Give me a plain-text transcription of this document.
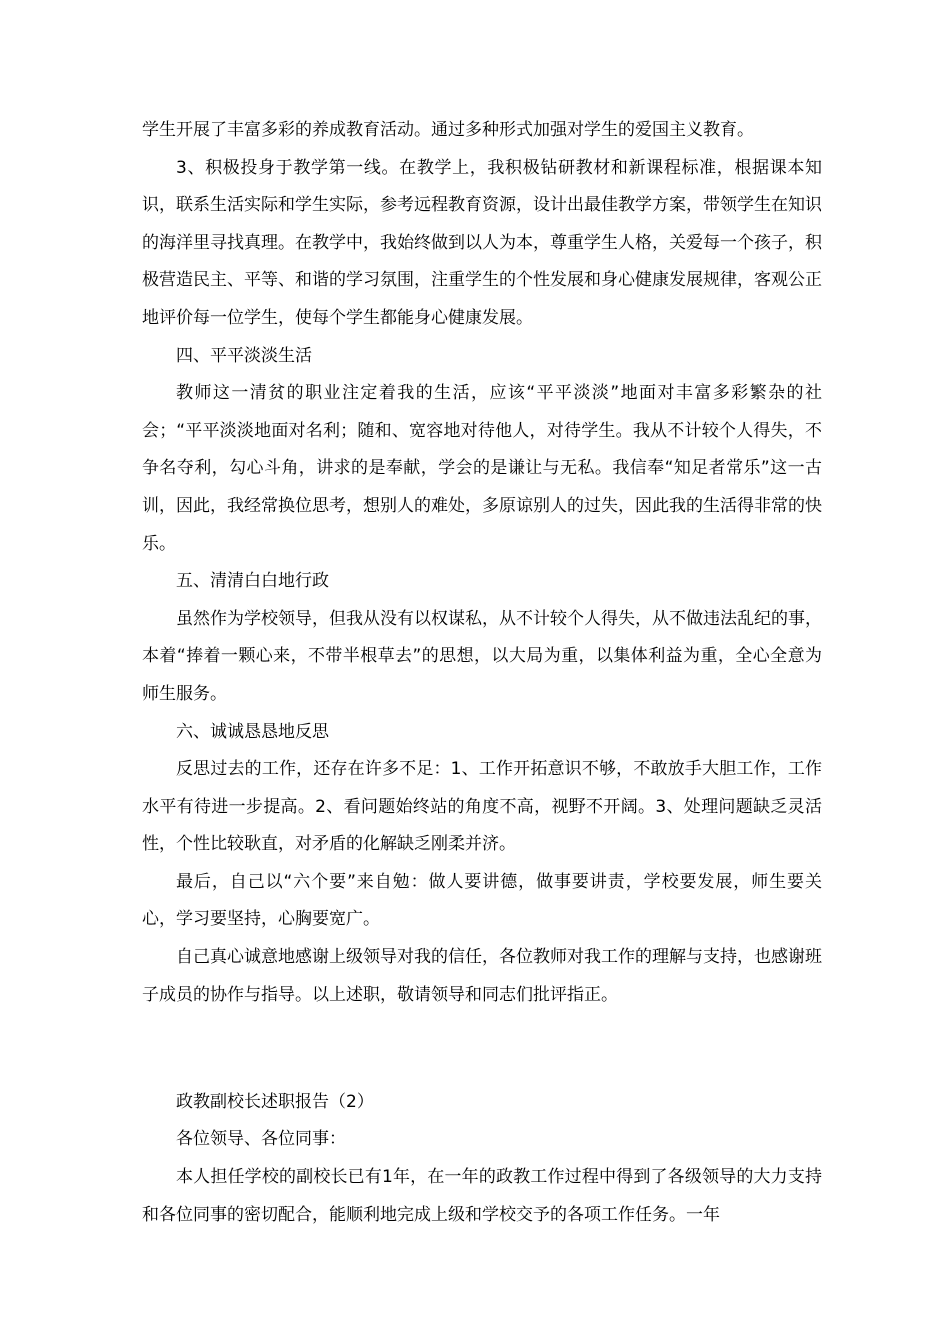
学生开展了丰富多彩的养成教育活动。通过多种形式加强对学生的爱国主义教育。

3、积极投身于教学第一线。在教学上，我积极钻研教材和新课程标准，根据课本知识，联系生活实际和学生实际，参考远程教育资源，设计出最佳教学方案，带领学生在知识的海洋里寻找真理。在教学中，我始终做到以人为本，尊重学生人格，关爱每一个孩子，积极营造民主、平等、和谐的学习氛围，注重学生的个性发展和身心健康发展规律，客观公正地评价每一位学生，使每个学生都能身心健康发展。

四、平平淡淡生活

教师这一清贫的职业注定着我的生活，应该“平平淡淡”地面对丰富多彩繁杂的社会；“平平淡淡地面对名利；随和、宽容地对待他人，对待学生。我从不计较个人得失，不争名夺利，勾心斗角，讲求的是奉献，学会的是谦让与无私。我信奉“知足者常乐”这一古训，因此，我经常换位思考，想别人的难处，多原谅别人的过失，因此我的生活得非常的快乐。

五、清清白白地行政

虽然作为学校领导，但我从没有以权谋私，从不计较个人得失，从不做违法乱纪的事，本着“捧着一颗心来，不带半根草去”的思想，以大局为重，以集体利益为重，全心全意为师生服务。

六、诚诚恳恳地反思

反思过去的工作，还存在许多不足：1、工作开拓意识不够，不敢放手大胆工作，工作水平有待进一步提高。2、看问题始终站的角度不高，视野不开阔。3、处理问题缺乏灵活性，个性比较耿直，对矛盾的化解缺乏刚柔并济。

最后，自己以“六个要”来自勉：做人要讲德，做事要讲责，学校要发展，师生要关心，学习要坚持，心胸要宽广。

自己真心诚意地感谢上级领导对我的信任，各位教师对我工作的理解与支持，也感谢班子成员的协作与指导。以上述职，敬请领导和同志们批评指正。

政教副校长述职报告（2）

各位领导、各位同事：

本人担任学校的副校长已有1年，在一年的政教工作过程中得到了各级领导的大力支持和各位同事的密切配合，能顺利地完成上级和学校交予的各项工作任务。一年
